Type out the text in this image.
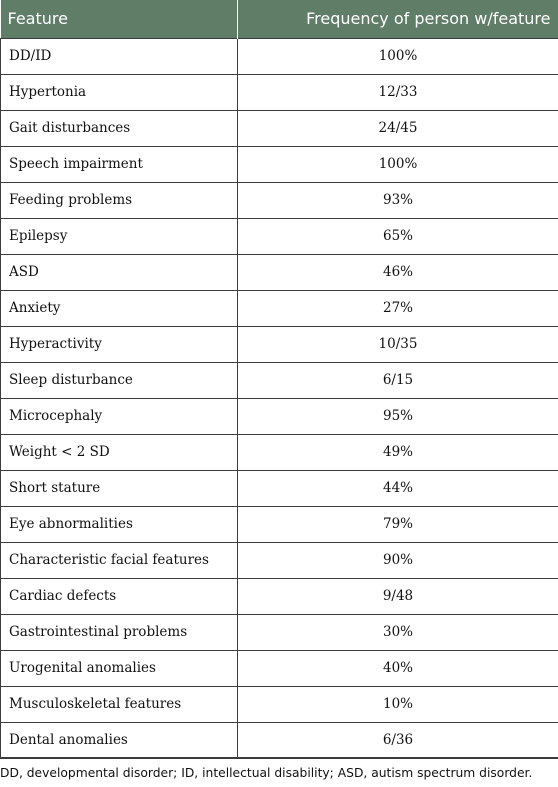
Feature	Frequency of person w/feature
DD/ID	100%
Hypertonia	12/33
Gait disturbances	24/45
Speech impairment	100%
Feeding problems	93%
Epilepsy	65%
ASD	46%
Anxiety	27%
Hyperactivity	10/35
Sleep disturbance	6/15
Microcephaly	95%
Weight < 2 SD	49%
Short stature	44%
Eye abnormalities	79%
Characteristic facial features	90%
Cardiac defects	9/48
Gastrointestinal problems	30%
Urogenital anomalies	40%
Musculoskeletal features	10%
Dental anomalies	6/36
DD, developmental disorder; ID, intellectual disability; ASD, autism spectrum disorder.
